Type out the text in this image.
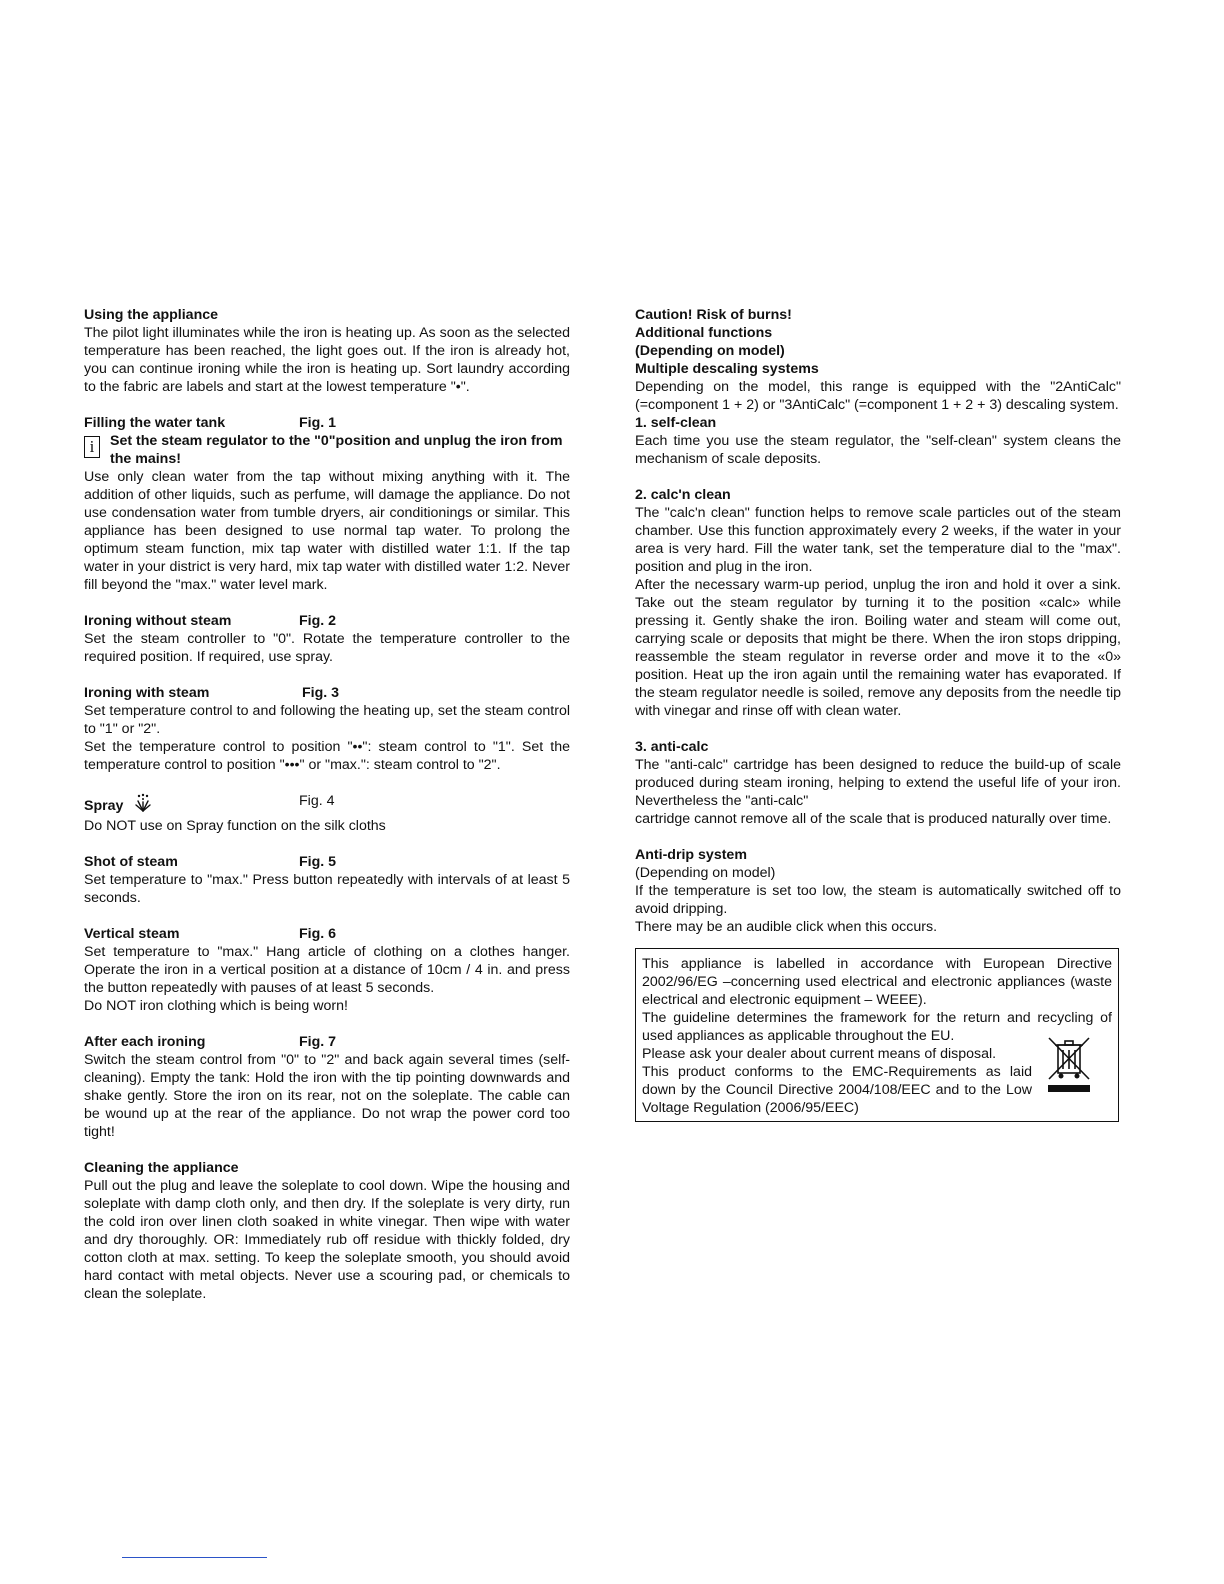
Using the appliance

The pilot light illuminates while the iron is heating up. As soon as the selected temperature has been reached, the light goes out. If the iron is already hot, you can continue ironing while the iron is heating up. Sort laundry according to the fabric are labels and start at the lowest temperature "•".

Filling the water tank	Fig. 1
i	Set the steam regulator to the "0"position and unplug the iron from the mains!

Use only clean water from the tap without mixing anything with it. The addition of other liquids, such as perfume, will damage the appliance. Do not use condensation water from tumble dryers, air conditionings or similar. This appliance has been designed to use normal tap water. To prolong the optimum steam function, mix tap water with distilled water 1:1. If the tap water in your district is very hard, mix tap water with distilled water 1:2. Never fill beyond the "max." water level mark.

Ironing without steam	Fig. 2

Set the steam controller to "0". Rotate the temperature controller to the required position. If required, use spray.

Ironing with steam	Fig. 3

Set temperature control to and following the heating up, set the steam control to "1" or "2".

Set the temperature control to position "••": steam control to "1". Set the temperature control to position "•••" or "max.": steam control to "2".

Spray	Fig. 4

Do NOT use on Spray function on the silk cloths

Shot of steam	Fig. 5

Set temperature to "max." Press button repeatedly with intervals of at least 5 seconds.

Vertical steam	Fig. 6

Set temperature to "max." Hang article of clothing on a clothes hanger. Operate the iron in a vertical position at a distance of 10cm / 4 in. and press the button repeatedly with pauses of at least 5 seconds.

Do NOT iron clothing which is being worn!

After each ironing	Fig. 7

Switch the steam control from "0" to "2" and back again several times (self-cleaning). Empty the tank: Hold the iron with the tip pointing downwards and shake gently. Store the iron on its rear, not on the soleplate. The cable can be wound up at the rear of the appliance. Do not wrap the power cord too tight!

Cleaning the appliance

Pull out the plug and leave the soleplate to cool down. Wipe the housing and soleplate with damp cloth only, and then dry. If the soleplate is very dirty, run the cold iron over linen cloth soaked in white vinegar. Then wipe with water and dry thoroughly. OR: Immediately rub off residue with thickly folded, dry cotton cloth at max. setting. To keep the soleplate smooth, you should avoid hard contact with metal objects. Never use a scouring pad, or chemicals to clean the soleplate.

Caution! Risk of burns!
Additional functions
(Depending on model)
Multiple descaling systems

Depending on the model, this range is equipped with the "2AntiCalc" (=component 1 + 2) or "3AntiCalc" (=component 1 + 2 + 3) descaling system.

1. self-clean

Each time you use the steam regulator, the "self-clean" system cleans the mechanism of scale deposits.

2. calc'n clean

The "calc'n clean" function helps to remove scale particles out of the steam chamber. Use this function approximately every 2 weeks, if the water in your area is very hard. Fill the water tank, set the temperature dial to the "max". position and plug in the iron.

After the necessary warm-up period, unplug the iron and hold it over a sink. Take out the steam regulator by turning it to the position «calc» while pressing it. Gently shake the iron. Boiling water and steam will come out, carrying scale or deposits that might be there. When the iron stops dripping, reassemble the steam regulator in reverse order and move it to the «0» position. Heat up the iron again until the remaining water has evaporated. If the steam regulator needle is soiled, remove any deposits from the needle tip with vinegar and rinse off with clean water.

3. anti-calc

The "anti-calc" cartridge has been designed to reduce the build-up of scale produced during steam ironing, helping to extend the useful life of your iron. Nevertheless the "anti-calc"

cartridge cannot remove all of the scale that is produced naturally over time.

Anti-drip system

(Depending on model)

If the temperature is set too low, the steam is automatically switched off to avoid dripping.

There may be an audible click when this occurs.

This appliance is labelled in accordance with European Directive 2002/96/EG –concerning used electrical and electronic appliances (waste electrical and electronic equipment – WEEE).

The guideline determines the framework for the return and recycling of used appliances as applicable throughout the EU.

Please ask your dealer about current means of disposal.

This product conforms to the EMC-Requirements as laid down by the Council Directive 2004/108/EEC and to the Low Voltage Regulation (2006/95/EEC)
